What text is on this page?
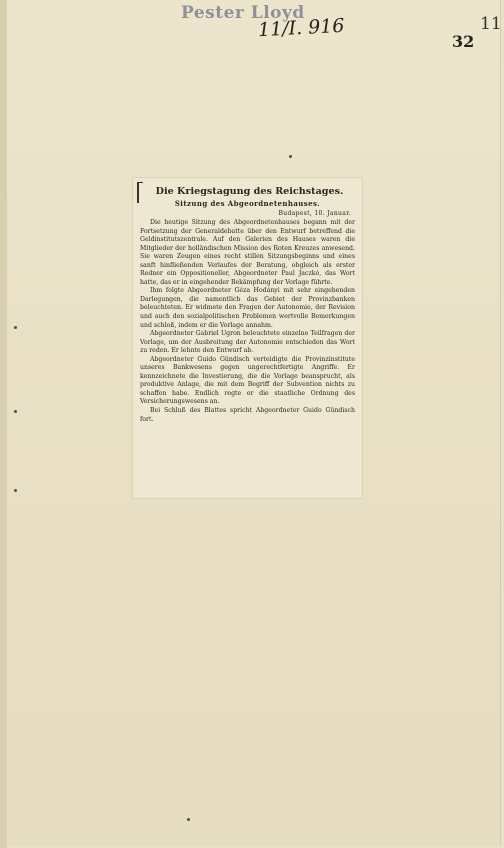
Pester Lloyd
11/I. 916
32
11
Die Kriegstagung des Reichstages.
Sitzung des Abgeordnetenhauses.
Budapest, 10. Januar.

Die heutige Sitzung des Abgeordnetenhauses begann mit der Fortsetzung der Generaldebatte über den Entwurf betreffend die Geldinstitutszentrale. Auf den Galerien des Hauses waren die Mitglieder der holländischen Mission des Roten Kreuzes anwesend. Sie waren Zeugen eines recht stillen Sitzungsbeginns und eines sanft hinfließenden Verlaufes der Beratung, obgleich als erster Redner ein Oppositioneller, Abgeordneter Paul Jaczkó, das Wort hatte, das er in eingehender Bekämpfung der Vorlage führte.

Ihm folgte Abgeordneter Géza Hodányi mit sehr eingehenden Darlegungen, die namentlich das Gebiet der Provinzbanken beleuchteten. Er widmete den Fragen der Autonomie, der Revision und auch den sozialpolitischen Problemen wertvolle Bemerkungen und schloß, indem er die Vorlage annahm.

Abgeordneter Gabriel Ugron beleuchtete einzelne Teilfragen der Vorlage, um der Ausbreitung der Autonomie entschieden das Wort zu reden. Er lehnte den Entwurf ab.

Abgeordneter Guido Gündisch verteidigte die Provinzinstitute unseres Bankwesens gegen ungerechtfertigte Angriffe. Er kennzeichnete die Investierung, die die Vorlage beansprucht, als produktive Anlage, die mit dem Begriff der Subvention nichts zu schaffen habe. Endlich regte er die staatliche Ordnung des Versicherungswesens an.

Bei Schluß des Blattes spricht Abgeordneter Guido Gündisch fort.
